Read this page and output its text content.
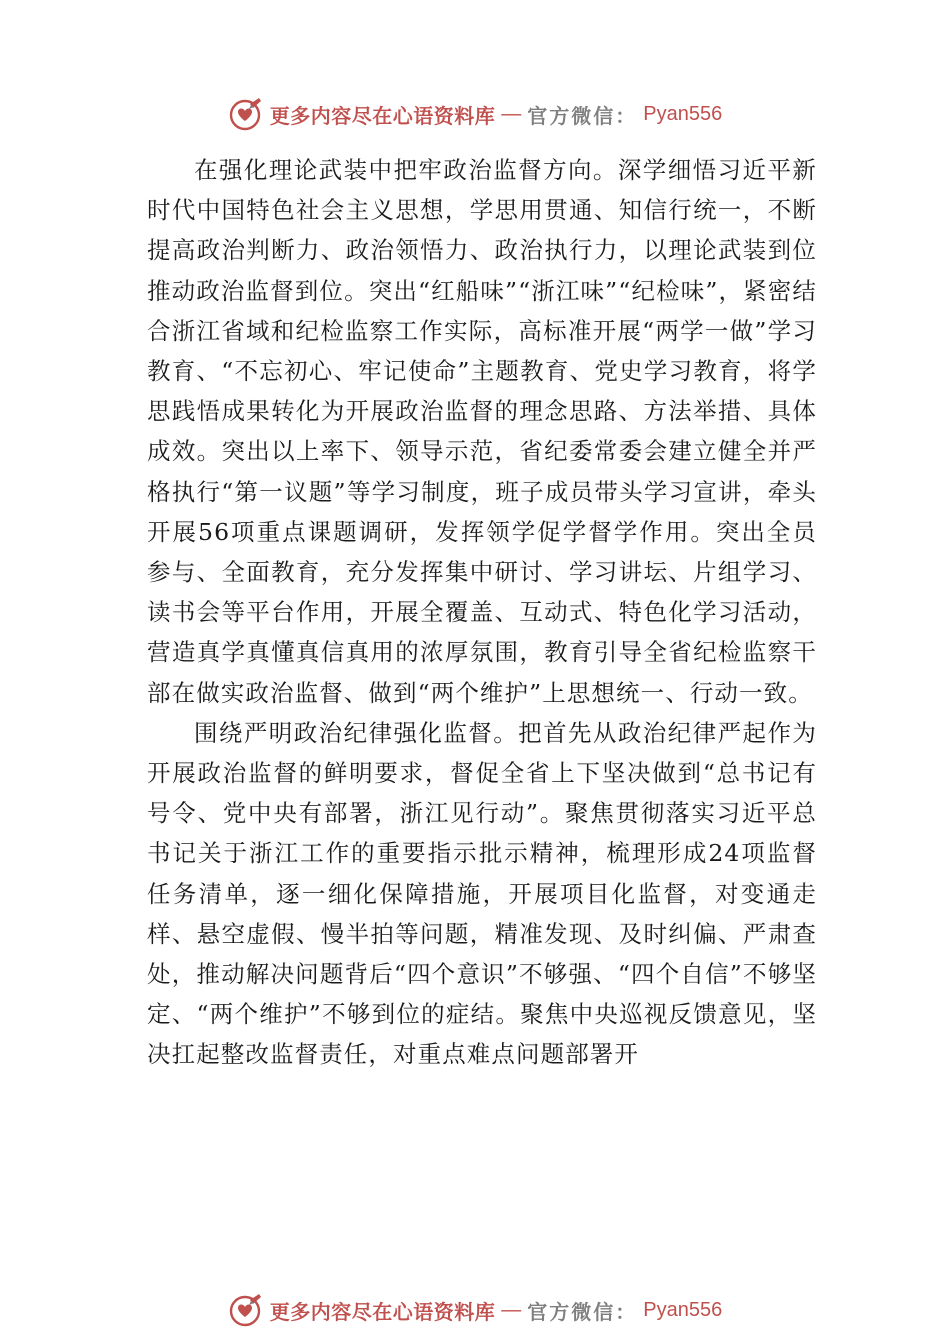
更多内容尽在心语资料库 — 官方微信： Pyan556

在强化理论武装中把牢政治监督方向。深学细悟习近平新时代中国特色社会主义思想，学思用贯通、知信行统一，不断提高政治判断力、政治领悟力、政治执行力，以理论武装到位推动政治监督到位。突出“红船味”“浙江味”“纪检味”，紧密结合浙江省域和纪检监察工作实际，高标准开展“两学一做”学习教育、“不忘初心、牢记使命”主题教育、党史学习教育，将学思践悟成果转化为开展政治监督的理念思路、方法举措、具体成效。突出以上率下、领导示范，省纪委常委会建立健全并严格执行“第一议题”等学习制度，班子成员带头学习宣讲，牵头开展56项重点课题调研，发挥领学促学督学作用。突出全员参与、全面教育，充分发挥集中研讨、学习讲坛、片组学习、读书会等平台作用，开展全覆盖、互动式、特色化学习活动，营造真学真懂真信真用的浓厚氛围，教育引导全省纪检监察干部在做实政治监督、做到“两个维护”上思想统一、行动一致。

围绕严明政治纪律强化监督。把首先从政治纪律严起作为开展政治监督的鲜明要求，督促全省上下坚决做到“总书记有号令、党中央有部署，浙江见行动”。聚焦贯彻落实习近平总书记关于浙江工作的重要指示批示精神，梳理形成24项监督任务清单，逐一细化保障措施，开展项目化监督，对变通走样、悬空虚假、慢半拍等问题，精准发现、及时纠偏、严肃查处，推动解决问题背后“四个意识”不够强、“四个自信”不够坚定、“两个维护”不够到位的症结。聚焦中央巡视反馈意见，坚决扛起整改监督责任，对重点难点问题部署开

更多内容尽在心语资料库 — 官方微信： Pyan556
